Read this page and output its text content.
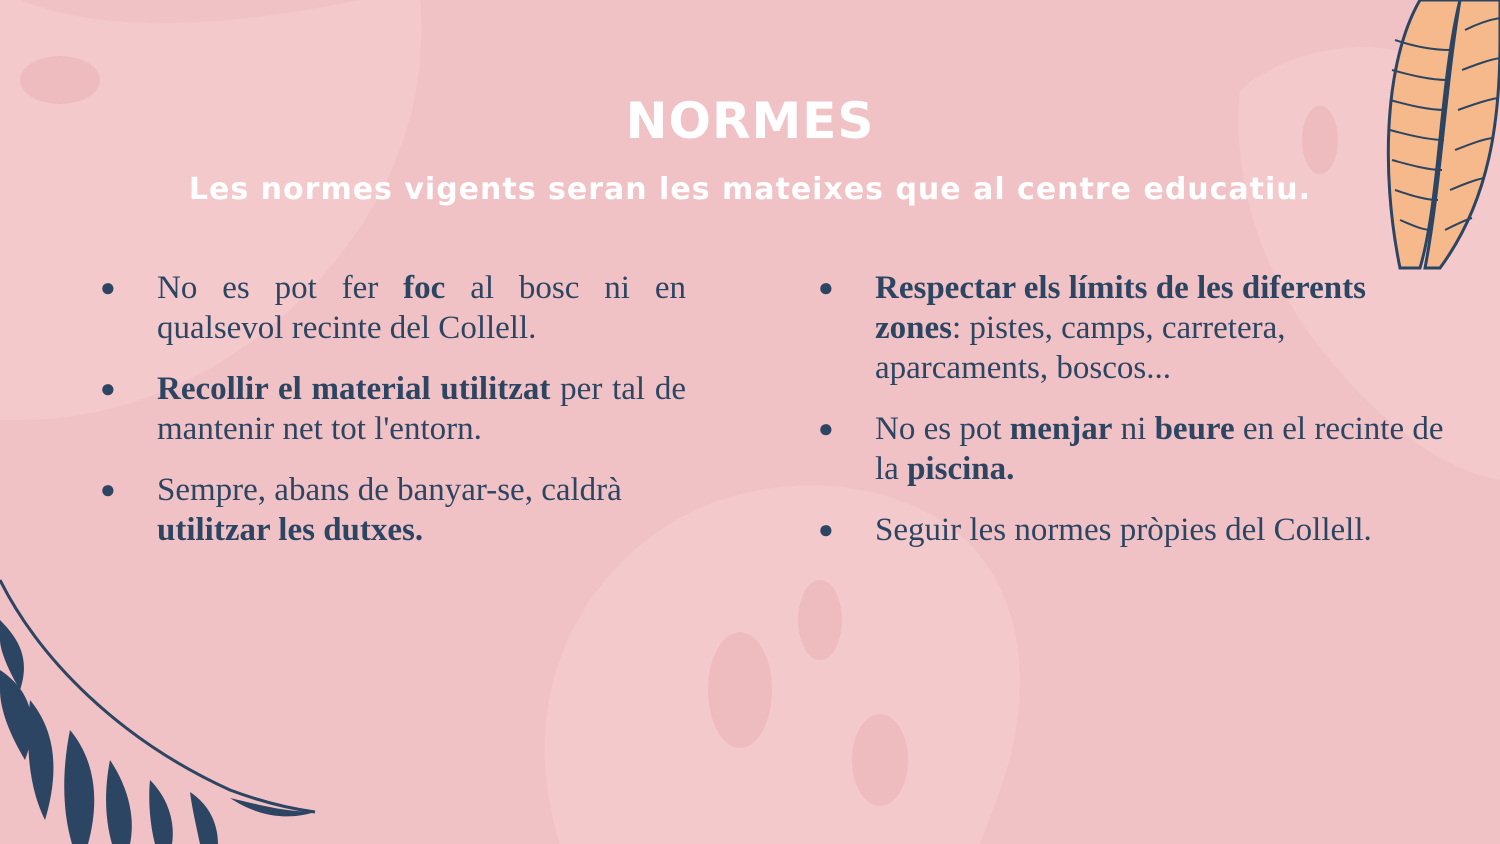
NORMES
Les normes vigents seran les mateixes que al centre educatiu.
● No es pot fer foc al bosc ni en qualsevol recinte del Collell.
● Recollir el material utilitzat per tal de mantenir net tot l'entorn.
● Sempre, abans de banyar-se, caldrà utilitzar les dutxes.
● Respectar els límits de les diferents zones: pistes, camps, carretera, aparcaments, boscos...
● No es pot menjar ni beure en el recinte de la piscina.
● Seguir les normes pròpies del Collell.
